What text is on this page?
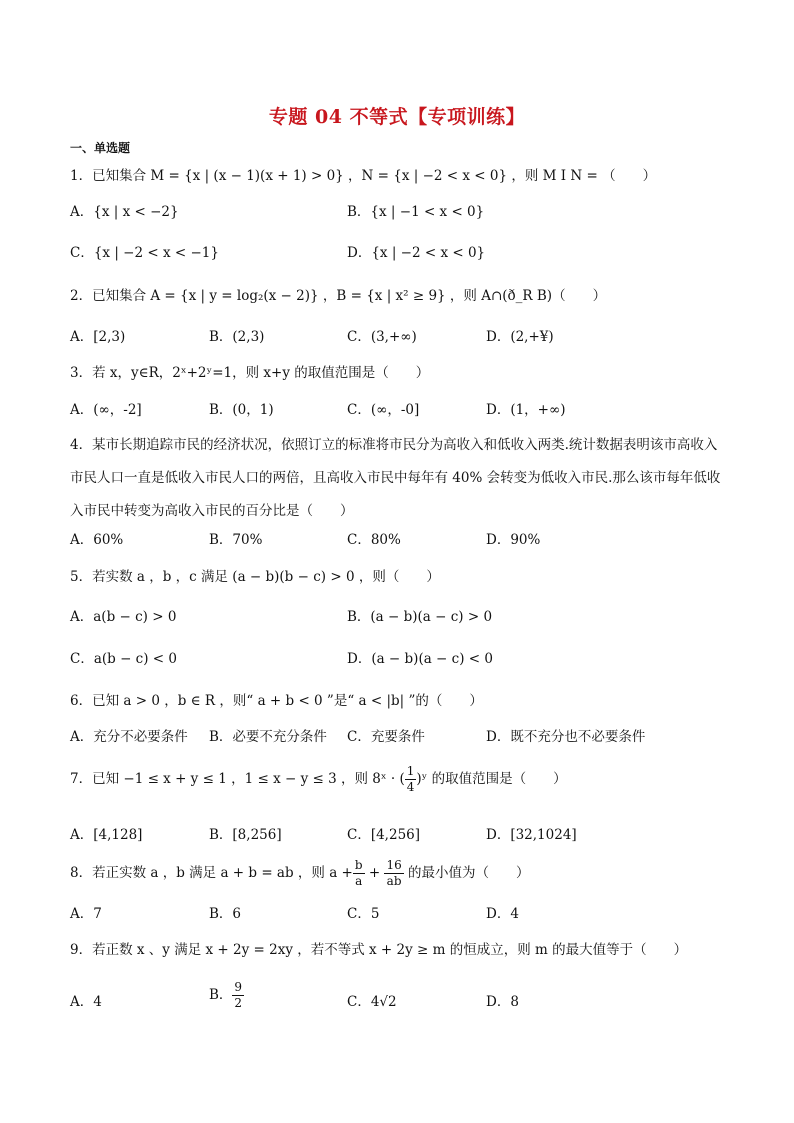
专题 04 不等式【专项训练】
一、单选题
1．已知集合 M = {x | (x − 1)(x + 1) > 0} ，N = {x | −2 < x < 0} ，则 M I N = （　　）
A．{x | x < −2}	B．{x | −1 < x < 0}
C．{x | −2 < x < −1}	D．{x | −2 < x < 0}
2．已知集合 A = {x | y = log₂(x − 2)} ，B = {x | x² ≥ 9} ，则 A∩(ð_R B)（　　）
A．[2,3)	B．(2,3)	C．(3,+∞)	D．(2,+¥)
3．若 x，y∈R，2ˣ+2ʸ=1，则 x+y 的取值范围是（　　）
A．(∞，-2]	B．(0，1)	C．(∞，-0]	D．(1，+∞)
4．某市长期追踪市民的经济状况，依照订立的标准将市民分为高收入和低收入两类.统计数据表明该市高收入市民人口一直是低收入市民人口的两倍，且高收入市民中每年有 40% 会转变为低收入市民.那么该市每年低收入市民中转变为高收入市民的百分比是（　　）
A．60%	B．70%	C．80%	D．90%
5．若实数 a ，b ，c 满足 (a − b)(b − c) > 0 ，则（　　）
A．a(b − c) > 0	B．(a − b)(a − c) > 0
C．a(b − c) < 0	D．(a − b)(a − c) < 0
6．已知 a > 0 ，b ∈ R ，则“ a + b < 0 ”是“ a < |b| ”的（　　）
A．充分不必要条件 B．必要不充分条件 C．充要条件	D．既不充分也不必要条件
7．已知 −1 ≤ x + y ≤ 1 ，1 ≤ x − y ≤ 3 ，则 8ˣ · ( $\frac{1}{4}$ )ʸ 的取值范围是（　　）
A．[4,128]	B．[8,256]	C．[4,256]	D．[32,1024]
8．若正实数 a ，b 满足 a + b = ab ，则 $a + \frac{b}{a} + \frac{16}{ab}$ 的最小值为（　　）
A．7	B．6	C．5	D．4
9．若正数 x 、y 满足 x + 2y = 2xy ，若不等式 x + 2y ≥ m 的恒成立，则 m 的最大值等于（　　）
A．4	B． $\frac{9}{2}$	C．4√2	D．8
